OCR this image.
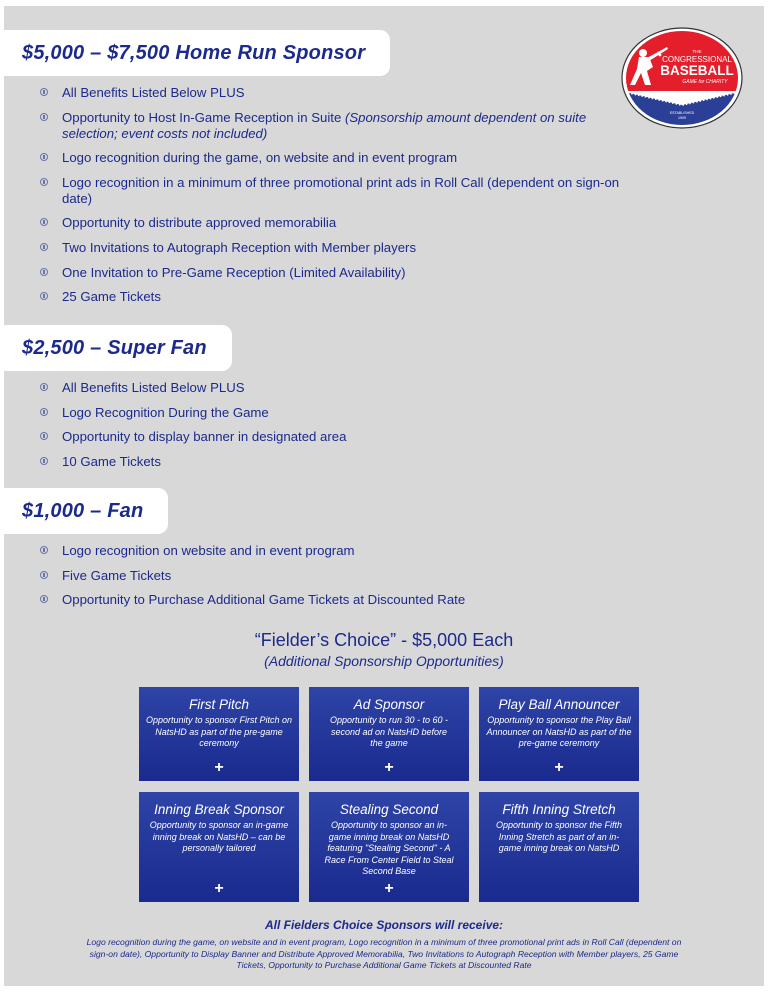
THE
CONGRESSIONAL
BASEBALL
GAME for CHARITY
ESTABLISHED
1909
$5,000 – $7,500 Home Run Sponsor
All Benefits Listed Below PLUS
Opportunity to Host In-Game Reception in Suite (Sponsorship amount dependent on suite selection; event costs not included)
Logo recognition during the game, on website and in event program
Logo recognition in a minimum of three promotional print ads in Roll Call (dependent on sign-on date)
Opportunity to distribute approved memorabilia
Two Invitations to Autograph Reception with Member players
One Invitation to Pre-Game Reception (Limited Availability)
25 Game Tickets
$2,500 – Super Fan
All Benefits Listed Below PLUS
Logo Recognition During the Game
Opportunity to display banner in designated area
10 Game Tickets
$1,000 – Fan
Logo recognition on website and in event program
Five Game Tickets
Opportunity to Purchase Additional Game Tickets at Discounted Rate
“Fielder’s Choice” - $5,000 Each
(Additional Sponsorship Opportunities)
First Pitch
Opportunity to sponsor First Pitch on NatsHD as part of the pre-game ceremony
+
Ad Sponsor
Opportunity to run 30 - to 60 - second ad on NatsHD before the game
+
Play Ball Announcer
Opportunity to sponsor the Play Ball Announcer on NatsHD as part of the pre-game ceremony
+
Inning Break Sponsor
Opportunity to sponsor an in-game inning break on NatsHD – can be personally tailored
+
Stealing Second
Opportunity to sponsor an in-game inning break on NatsHD featuring "Stealing Second" - A Race From Center Field to Steal Second Base
+
Fifth Inning Stretch
Opportunity to sponsor the Fifth Inning Stretch as part of an in-game inning break on NatsHD
All Fielders Choice Sponsors will receive:
Logo recognition during the game, on website and in event program, Logo recognition in a minimum of three promotional print ads in Roll Call (dependent on sign-on date), Opportunity to Display Banner and Distribute Approved Memorabilia, Two Invitations to Autograph Reception with Member players, 25 Game Tickets, Opportunity to Purchase Additional Game Tickets at Discounted Rate
